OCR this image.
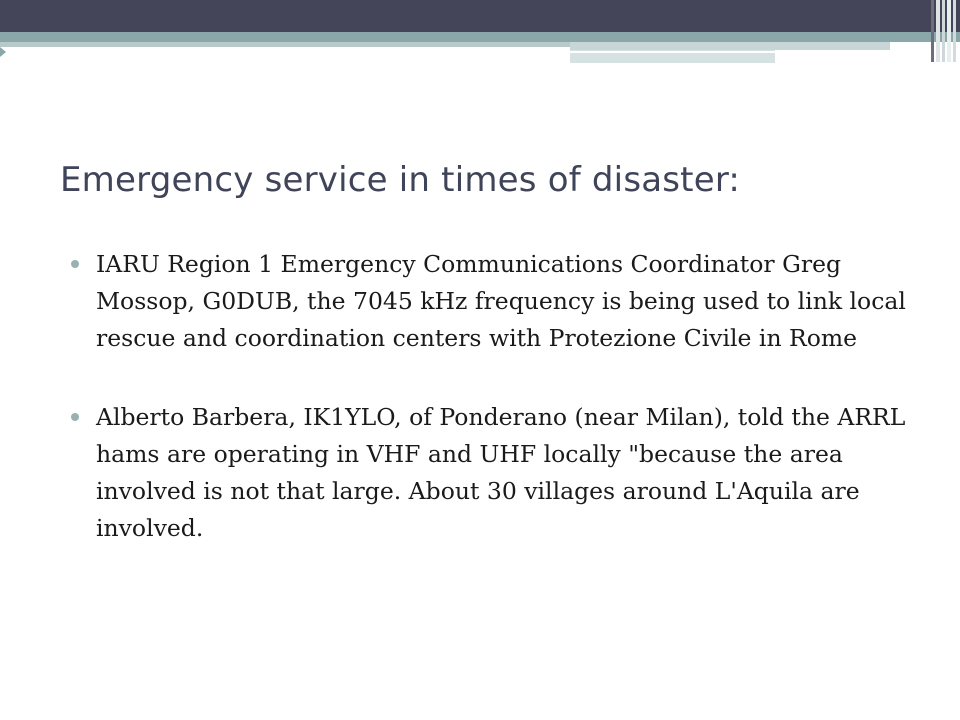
Emergency service in times of disaster:
IARU Region 1 Emergency Communications Coordinator Greg Mossop, G0DUB, the 7045 kHz frequency is being used to link local rescue and coordination centers with Protezione Civile in Rome
Alberto Barbera, IK1YLO, of Ponderano (near Milan), told the ARRL hams are operating in VHF and UHF locally "because the area involved is not that large. About 30 villages around L'Aquila are involved.
